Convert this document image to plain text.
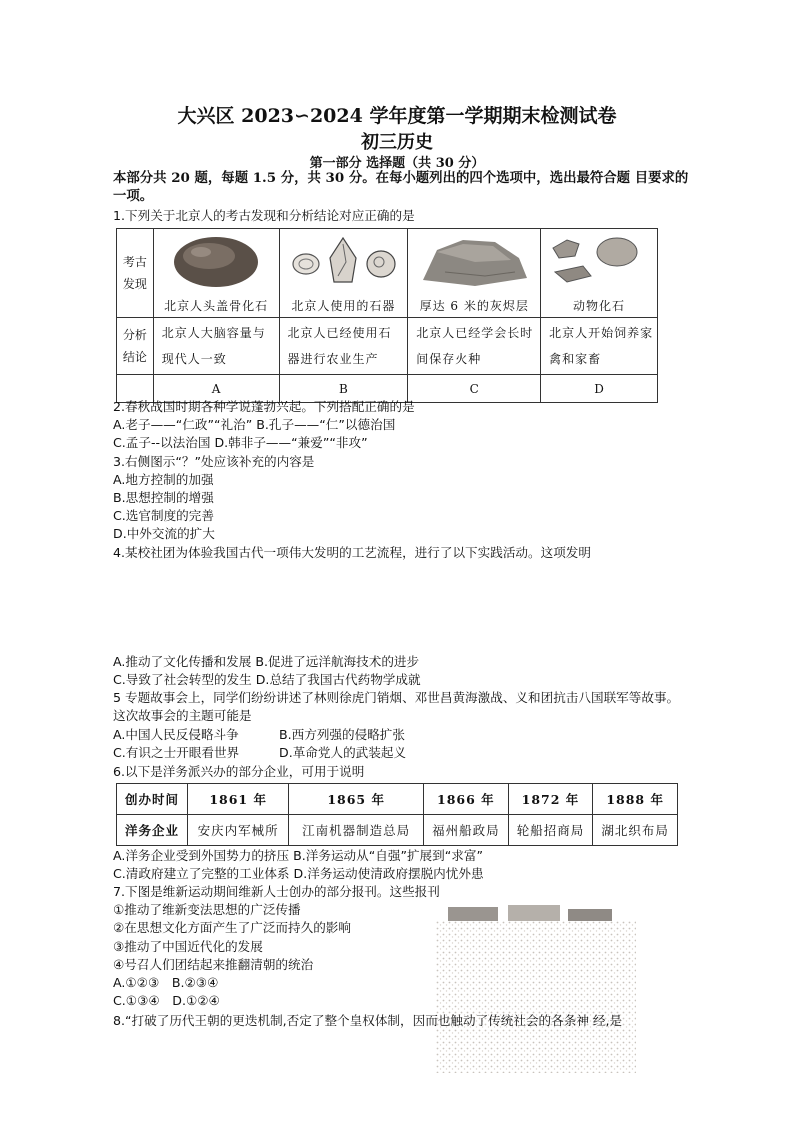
大兴区 2023∽2024 学年度第一学期期末检测试卷
初三历史
第一部分 选择题（共 30 分）
本部分共 20 题，每题 1.5 分，共 30 分。在每小题列出的四个选项中，选出最符合题 目要求的一项。
1.下列关于北京人的考古发现和分析结论对应正确的是
考古发现	北京人头盖骨化石	北京人使用的石器	厚达 6 米的灰烬层	动物化石

分析结论	北京人大脑容量与现代人一致	北京人已经使用石器进行农业生产	北京人已经学会长时间保存火种	北京人开始饲养家禽和家畜

	A	B	C	D
2.春秋战国时期各种学说蓬勃兴起。下列搭配正确的是
A.老子——“仁政”“礼治” B.孔子——“仁”以德治国
C.孟子--以法治国 D.韩非子——“兼爱”“非攻”
3.右侧图示“？”处应该补充的内容是
A.地方控制的加强
B.思想控制的增强
C.选官制度的完善
D.中外交流的扩大
4.某校社团为体验我国古代一项伟大发明的工艺流程，进行了以下实践活动。这项发明
A.推动了文化传播和发展 B.促进了远洋航海技术的进步
C.导致了社会转型的发生 D.总结了我国古代药物学成就
5 专题故事会上，同学们纷纷讲述了林则徐虎门销烟、邓世昌黄海激战、义和团抗击八国联军等故事。这次故事会的主题可能是
A.中国人民反侵略斗争	B.西方列强的侵略扩张
C.有识之士开眼看世界	D.革命党人的武装起义
6.以下是洋务派兴办的部分企业，可用于说明
创办时间	1861 年	1865 年	1866 年	1872 年	1888 年
洋务企业	安庆内军械所	江南机器制造总局	福州船政局	轮船招商局	湖北织布局
A.洋务企业受到外国势力的挤压 B.洋务运动从“自强”扩展到“求富”
C.清政府建立了完整的工业体系 D.洋务运动使清政府摆脱内忧外患
7.下图是维新运动期间维新人士创办的部分报刊。这些报刊
①推动了维新变法思想的广泛传播
②在思想文化方面产生了广泛而持久的影响
③推动了中国近代化的发展
④号召人们团结起来推翻清朝的统治
A.①②③　B.②③④
C.①③④　D.①②④
8.“打破了历代王朝的更迭机制,否定了整个皇权体制，因而也触动了传统社会的各条神 经,是
